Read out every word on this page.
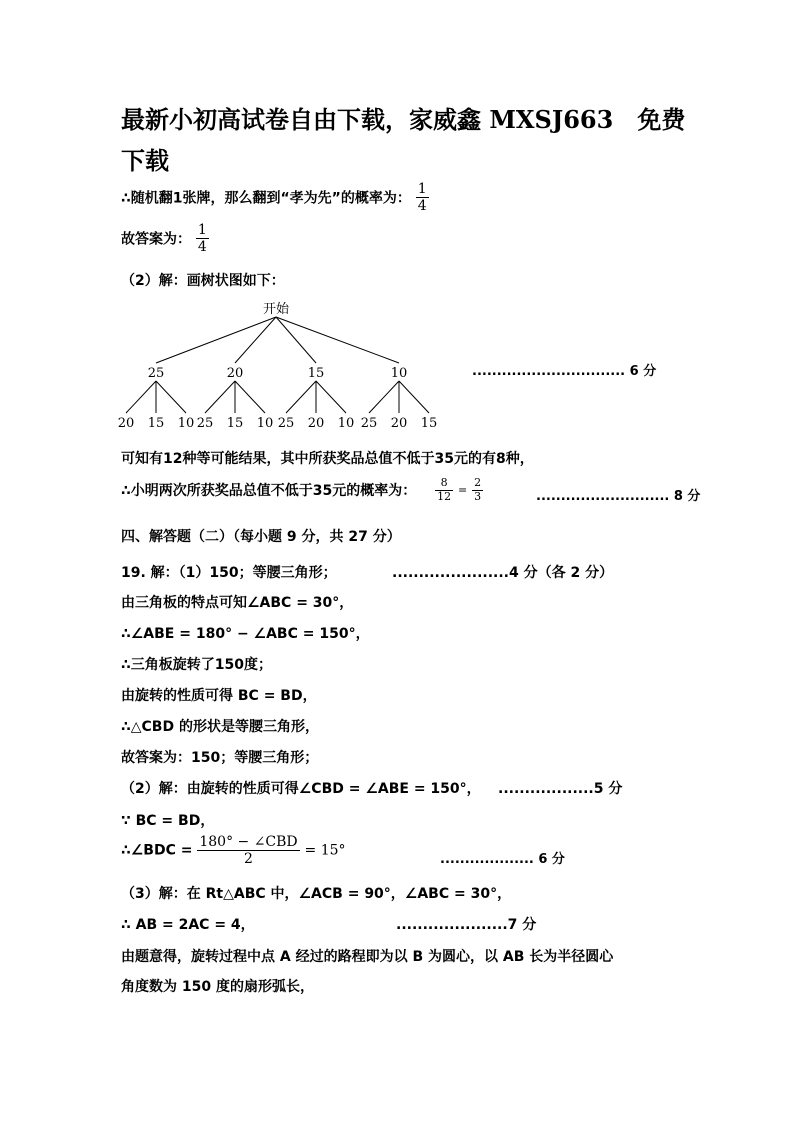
最新小初高试卷自由下载，家威鑫 MXSJ663　免费
下载
∴随机翻1张牌，那么翻到“孝为先”的概率为： $\frac{1}{4}$
故答案为： $\frac{1}{4}$
（2）解：画树状图如下：
开始
25
20 15 10
20
25 15 10
15
25 20 10
10
25 20 15
............................... 6 分
可知有12种等可能结果，其中所获奖品总值不低于35元的有8种，
∴小明两次所获奖品总值不低于35元的概率为： $\frac{8}{12} = \frac{2}{3}$	........................... 8 分
四、解答题（二）（每小题 9 分，共 27 分）
19. 解：（1）150；等腰三角形；	......................4 分（各 2 分）
由三角板的特点可知∠ABC = 30°，
∴∠ABE = 180° − ∠ABC = 150°，
∴三角板旋转了150度；
由旋转的性质可得 BC = BD，
∴△CBD 的形状是等腰三角形，
故答案为：150；等腰三角形；
（2）解：由旋转的性质可得∠CBD = ∠ABE = 150°， ..................5 分
∵ BC = BD，
∴∠BDC = $\frac{\text{180° − ∠CBD}}{2} = 15^\circ$
................... 6 分
（3）解：在 Rt△ABC 中，∠ACB = 90°，∠ABC = 30°，
∴ AB = 2AC = 4，	.....................7 分
由题意得，旋转过程中点 A 经过的路程即为以 B 为圆心，以 AB 长为半径圆心
角度数为 150 度的扇形弧长，
